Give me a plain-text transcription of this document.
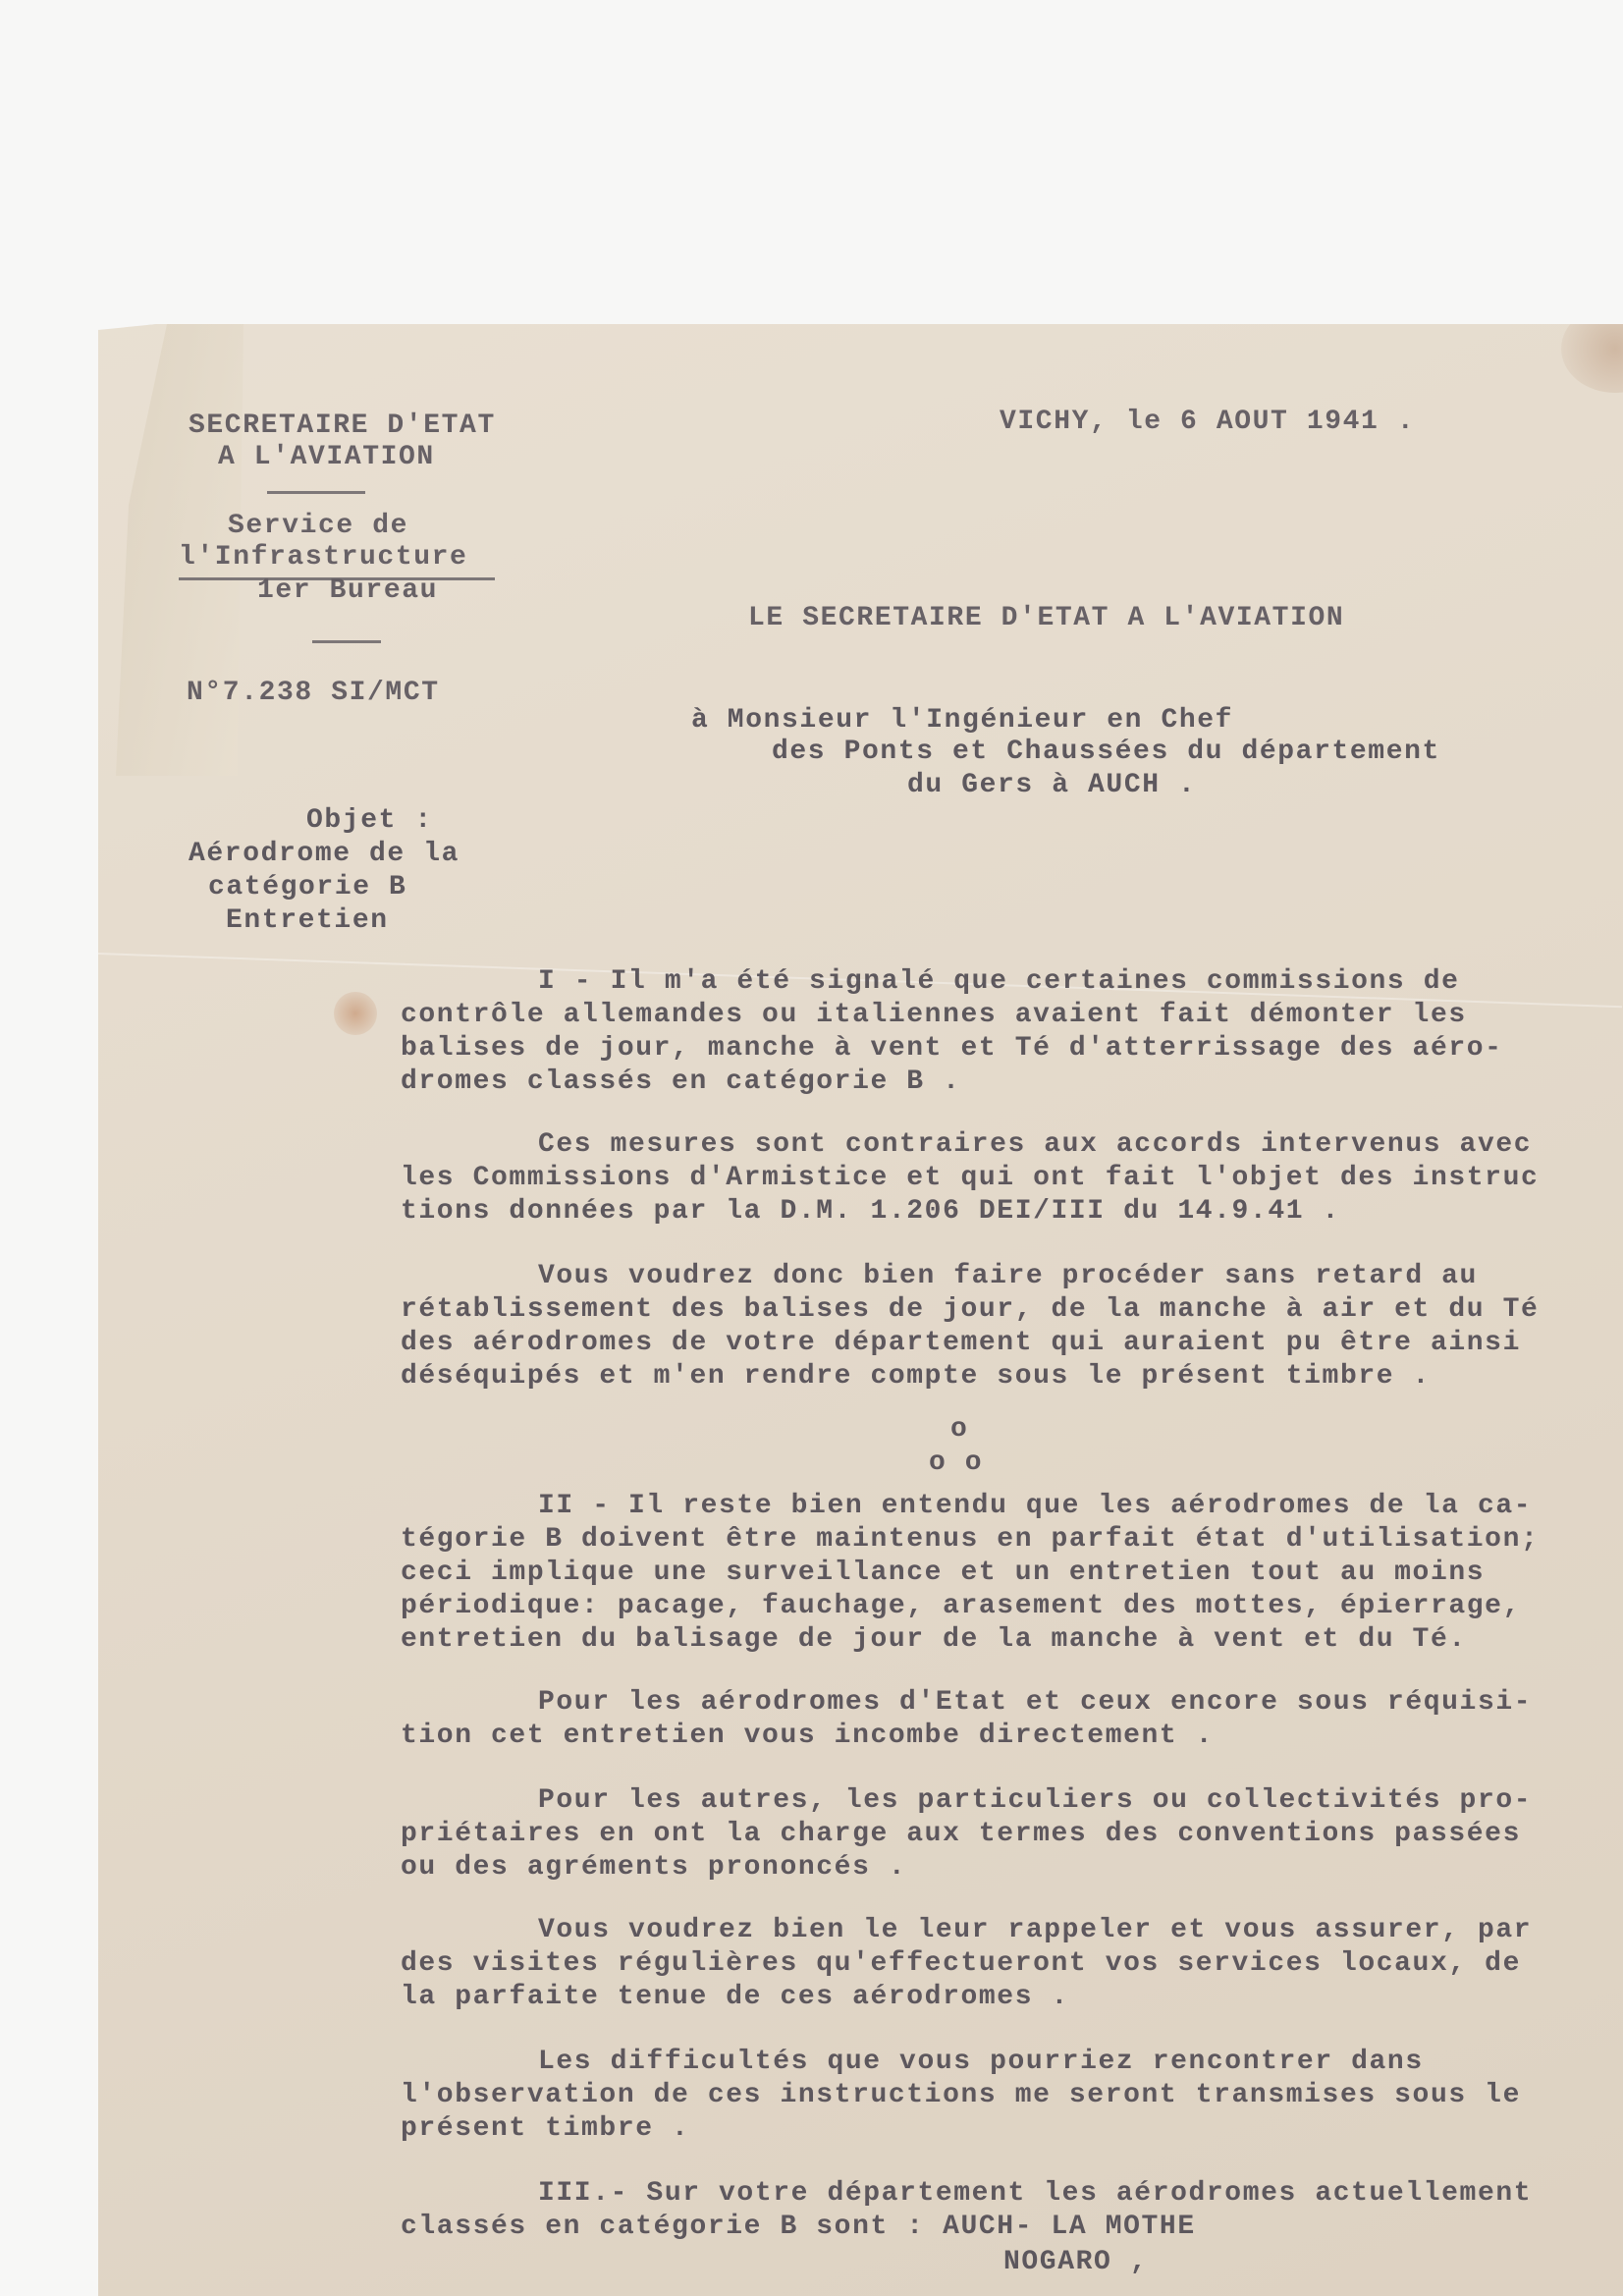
SECRETAIRE D'ETAT
A L'AVIATION
Service de
l'Infrastructure
1er Bureau
N°7.238 SI/MCT
VICHY, le 6 AOUT 1941 .
LE SECRETAIRE D'ETAT A L'AVIATION
à Monsieur l'Ingénieur en Chef
des Ponts et Chaussées du département
du Gers à AUCH .
Objet :
Aérodrome de la
catégorie B
Entretien
I - Il m'a été signalé que certaines commissions de
contrôle allemandes ou italiennes avaient fait démonter les
balises de jour, manche à vent et Té d'atterrissage des aéro-
dromes classés en catégorie B .
Ces mesures sont contraires aux accords intervenus avec
les Commissions d'Armistice et qui ont fait l'objet des instruc
tions données par la D.M. 1.206 DEI/III du 14.9.41 .
Vous voudrez donc bien faire procéder sans retard au
rétablissement des balises de jour, de la manche à air et du Té
des aérodromes de votre département qui auraient pu être ainsi
déséquipés et m'en rendre compte sous le présent timbre .
o
o o
II - Il reste bien entendu que les aérodromes de la ca-
tégorie B doivent être maintenus en parfait état d'utilisation;
ceci implique une surveillance et un entretien tout au moins
périodique: pacage, fauchage, arasement des mottes, épierrage,
entretien du balisage de jour de la manche à vent et du Té.
Pour les aérodromes d'Etat et ceux encore sous réquisi-
tion cet entretien vous incombe directement .
Pour les autres, les particuliers ou collectivités pro-
priétaires en ont la charge aux termes des conventions passées
ou des agréments prononcés .
Vous voudrez bien le leur rappeler et vous assurer, par
des visites régulières qu'effectueront vos services locaux, de
la parfaite tenue de ces aérodromes .
Les difficultés que vous pourriez rencontrer dans
l'observation de ces instructions me seront transmises sous le
présent timbre .
III.- Sur votre département les aérodromes actuellement
classés en catégorie B sont : AUCH- LA MOTHE
NOGARO ,
